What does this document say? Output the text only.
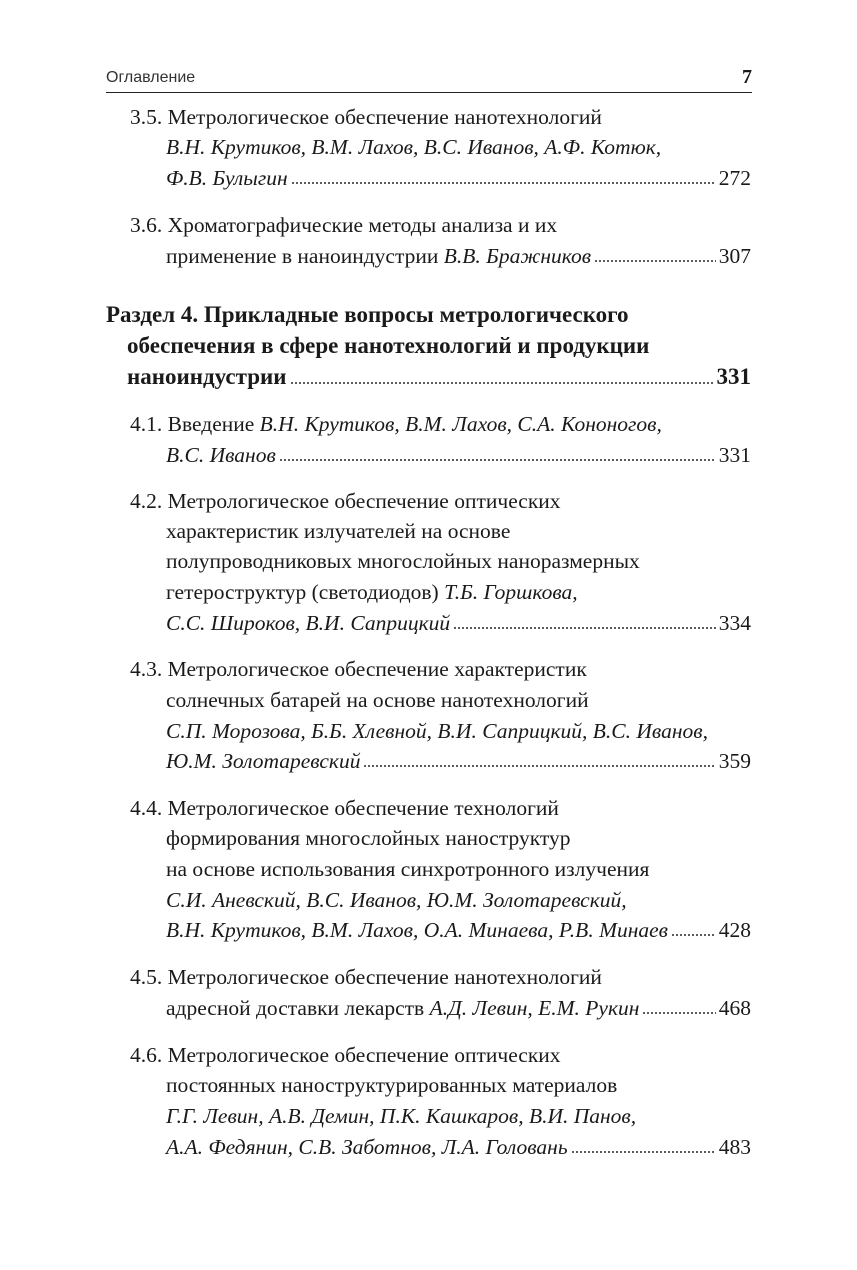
Оглавление	7
3.5. Метрологическое обеспечение нанотехнологий
В.Н. Крутиков, В.М. Лахов, В.С. Иванов, А.Ф. Котюк,
Ф.В. Булыгин	272
3.6. Хроматографические методы анализа и их
применение в наноиндустрии
В.В. Бражников	307
Раздел 4. Прикладные вопросы метрологического
обеспечения в сфере нанотехнологий и продукции
наноиндустрии	331
4.1. Введение В.Н. Крутиков, В.М. Лахов, С.А. Кононогов,
В.С. Иванов	331
4.2. Метрологическое обеспечение оптических
характеристик излучателей на основе
полупроводниковых многослойных наноразмерных
гетероструктур (светодиодов) Т.Б. Горшкова,
С.С. Широков, В.И. Саприцкий	334
4.3. Метрологическое обеспечение характеристик
солнечных батарей на основе нанотехнологий
С.П. Морозова, Б.Б. Хлевной, В.И. Саприцкий, В.С. Иванов,
Ю.М. Золотаревский	359
4.4. Метрологическое обеспечение технологий
формирования многослойных наноструктур
на основе использования синхротронного излучения
С.И. Аневский, В.С. Иванов, Ю.М. Золотаревский,
В.Н. Крутиков, В.М. Лахов, О.А. Минаева, Р.В. Минаев 428
4.5. Метрологическое обеспечение нанотехнологий
адресной доставки лекарств
А.Д. Левин, Е.М. Рукин	468
4.6. Метрологическое обеспечение оптических
постоянных наноструктурированных материалов
Г.Г. Левин, А.В. Демин, П.К. Кашкаров, В.И. Панов,
А.А. Федянин, С.В. Заботнов, Л.А. Головань	483
